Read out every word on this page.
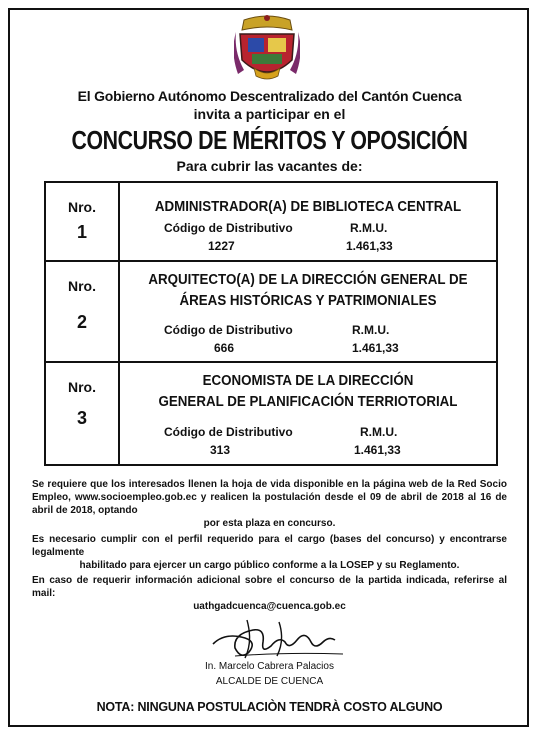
El Gobierno Autónomo Descentralizado del Cantón Cuenca
invita a participar en el
CONCURSO DE MÉRITOS Y OPOSICIÓN
Para cubrir las vacantes de:
Nro.
1
ADMINISTRADOR(A) DE BIBLIOTECA CENTRAL
Código de Distributivo	R.M.U.
1227	1.461,33
Nro.
2
ARQUITECTO(A) DE LA DIRECCIÓN GENERAL DE
ÁREAS HISTÓRICAS Y PATRIMONIALES
Código de Distributivo	R.M.U.
666	1.461,33
Nro.
3
ECONOMISTA DE LA DIRECCIÓN
GENERAL DE PLANIFICACIÓN TERRIOTORIAL
Código de Distributivo	R.M.U.
313	1.461,33
Se requiere que los interesados llenen la hoja de vida disponible en la página web de la Red Socio Empleo, www.socioempleo.gob.ec y realicen la postulación desde el 09 de abril de 2018 al 16 de abril de 2018, optando
por esta plaza en concurso.
Es necesario cumplir con el perfil requerido para el cargo (bases del concurso) y encontrarse legalmente
habilitado para ejercer un cargo público conforme a la LOSEP y su Reglamento.
En caso de requerir información adicional sobre el concurso de la partida indicada, referirse al mail:
uathgadcuenca@cuenca.gob.ec
In. Marcelo Cabrera Palacios
ALCALDE DE CUENCA
NOTA: NINGUNA POSTULACIÒN TENDRÀ COSTO ALGUNO
